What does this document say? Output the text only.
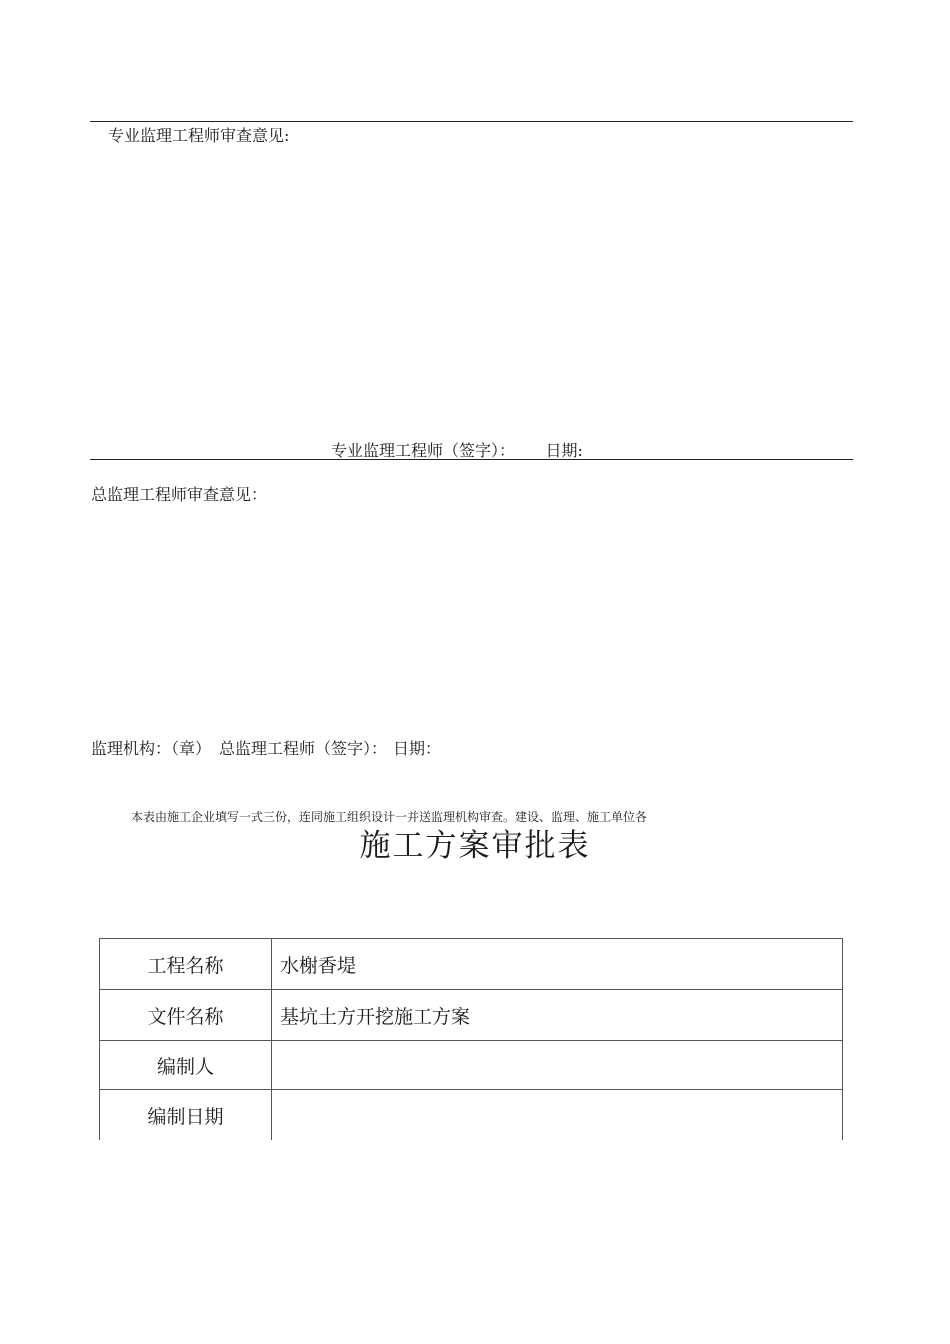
专业监理工程师审查意见:
专业监理工程师（签字）： 日期:
总监理工程师审查意见：
监理机构：（章） 总监理工程师（签字）： 日期：
本表由施工企业填写一式三份，连同施工组织设计一并送监理机构审查。建设、监理、施工单位各
施工方案审批表
工程名称	水榭香堤
文件名称	基坑土方开挖施工方案
编制人	
编制日期	
